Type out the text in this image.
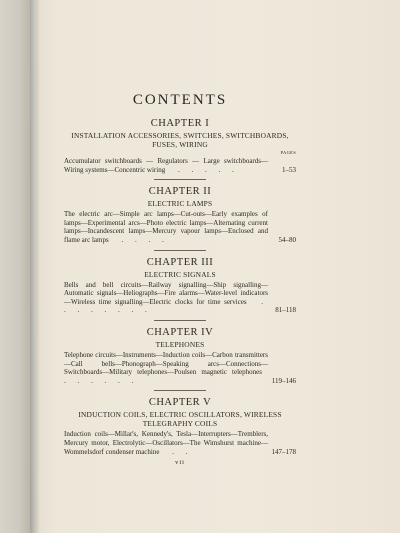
CONTENTS
CHAPTER I
INSTALLATION ACCESSORIES, SWITCHES, SWITCHBOARDS, FUSES, WIRING
PAGES
Accumulator switchboards — Regulators — Large switchboards—Wiring systems—Concentric wiring . . . . .	1–53
CHAPTER II
ELECTRIC LAMPS
The electric arc—Simple arc lamps—Cut-outs—Early examples of lamps—Experimental arcs—Photo electric lamps—Alternating current lamps—Incandescent lamps—Mercury vapour lamps—Enclosed and flame arc lamps . . . .	54–80
CHAPTER III
ELECTRIC SIGNALS
Bells and bell circuits—Railway signalling—Ship signalling—Automatic signals—Heliographs—Fire alarms—Water-level indicators—Wireless time signalling—Electric clocks for time services . . . . . . . .	81–118
CHAPTER IV
TELEPHONES
Telephone circuits—Instruments—Induction coils—Carbon transmitters—Call bells—Phonograph—Speaking arcs—Connections—Switchboards—Military telephones—Poulsen magnetic telephones . . . . . .	119–146
CHAPTER V
INDUCTION COILS, ELECTRIC OSCILLATORS, WIRELESS TELEGRAPHY COILS
Induction coils—Millar's, Kennedy's, Tesla—Interrupters—Tremblers, Mercury motor, Electrolytic—Oscillators—The Wimshurst machine—Wommelsdorf condenser machine . .	147–178
vii
